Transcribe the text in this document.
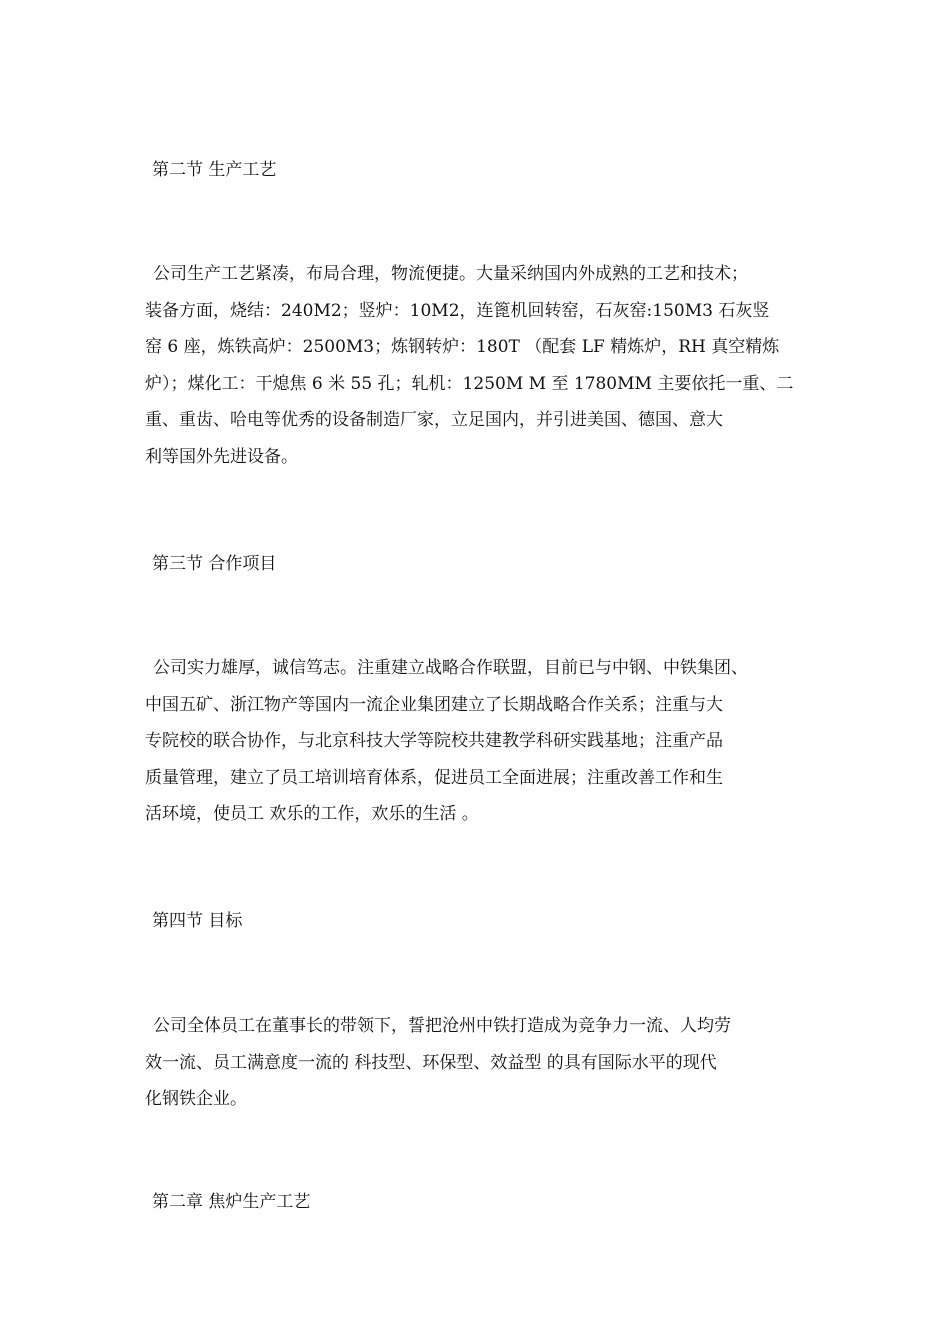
第二节 生产工艺
公司生产工艺紧凑，布局合理，物流便捷。大量采纳国内外成熟的工艺和技术；
装备方面，烧结：240M2；竖炉：10M2，连篦机回转窑，石灰窑:150M3 石灰竖
窑 6 座，炼铁高炉：2500M3；炼钢转炉：180T （配套 LF 精炼炉，RH 真空精炼
炉）；煤化工：干熄焦 6 米 55 孔；轧机：1250M M 至 1780MM 主要依托一重、二
重、重齿、哈电等优秀的设备制造厂家，立足国内，并引进美国、德国、意大
利等国外先进设备。
第三节 合作项目
公司实力雄厚，诚信笃志。注重建立战略合作联盟，目前已与中钢、中铁集团、
中国五矿、浙江物产等国内一流企业集团建立了长期战略合作关系；注重与大
专院校的联合协作，与北京科技大学等院校共建教学科研实践基地；注重产品
质量管理，建立了员工培训培育体系，促进员工全面进展；注重改善工作和生
活环境，使员工 欢乐的工作，欢乐的生活 。
第四节 目标
公司全体员工在董事长的带领下，誓把沧州中铁打造成为竞争力一流、人均劳
效一流、员工满意度一流的 科技型、环保型、效益型 的具有国际水平的现代
化钢铁企业。
第二章 焦炉生产工艺
